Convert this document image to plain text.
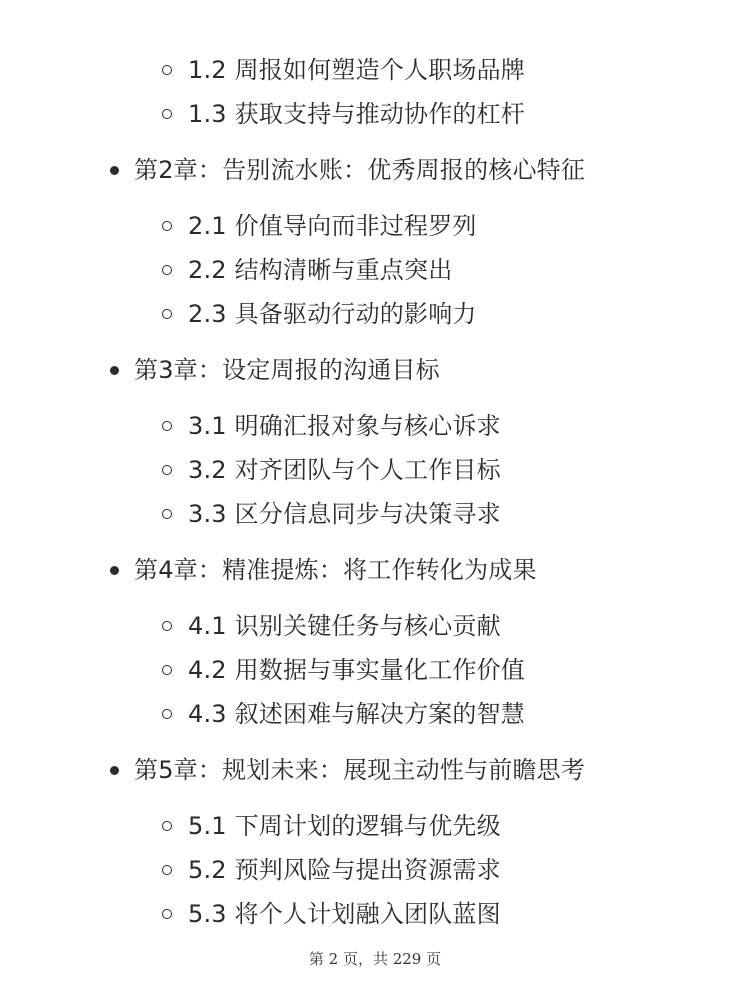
1.2 周报如何塑造个人职场品牌
1.3 获取支持与推动协作的杠杆
第2章：告别流水账：优秀周报的核心特征
2.1 价值导向而非过程罗列
2.2 结构清晰与重点突出
2.3 具备驱动行动的影响力
第3章：设定周报的沟通目标
3.1 明确汇报对象与核心诉求
3.2 对齐团队与个人工作目标
3.3 区分信息同步与决策寻求
第4章：精准提炼：将工作转化为成果
4.1 识别关键任务与核心贡献
4.2 用数据与事实量化工作价值
4.3 叙述困难与解决方案的智慧
第5章：规划未来：展现主动性与前瞻思考
5.1 下周计划的逻辑与优先级
5.2 预判风险与提出资源需求
5.3 将个人计划融入团队蓝图
第 2 页，共 229 页
